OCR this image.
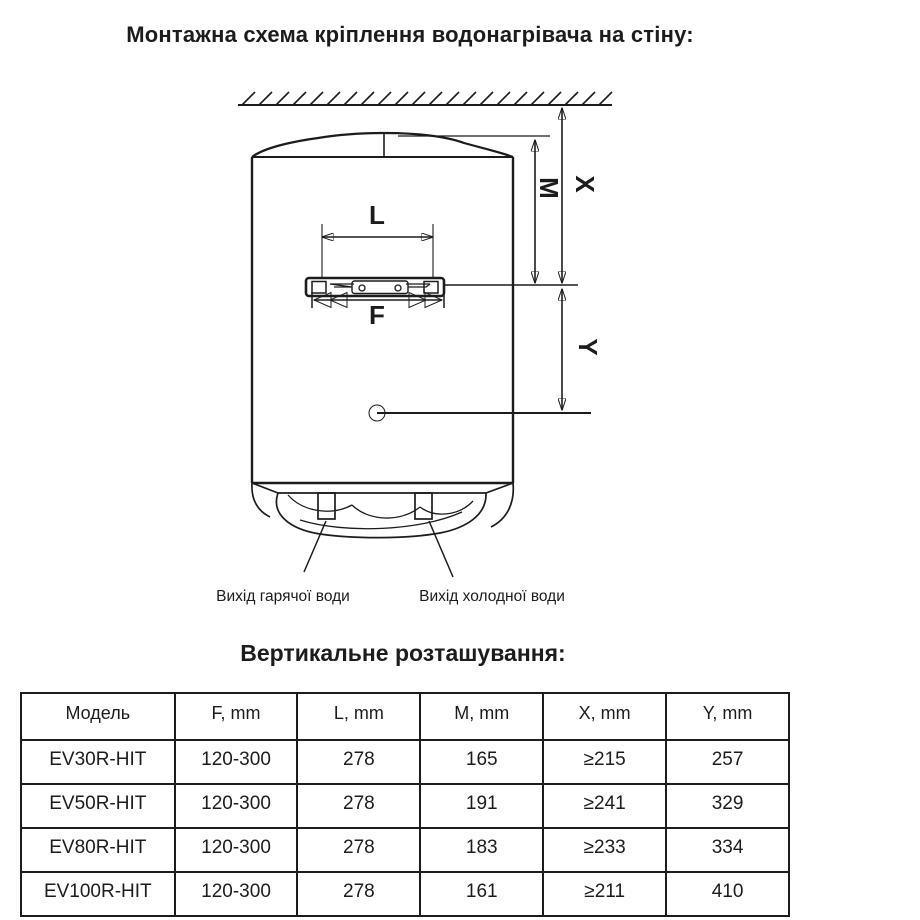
Монтажна схема кріплення водонагрівача на стіну:
L
F
M X
Y
Вихід гарячої води	Вихід холодної води
Вертикальне розташування:
Модель	F, mm	L, mm	M, mm	X, mm	Y, mm
EV30R-HIT	120-300	278	165	≥215	257
EV50R-HIT	120-300	278	191	≥241	329
EV80R-HIT	120-300	278	183	≥233	334
EV100R-HIT	120-300	278	161	≥211	410
